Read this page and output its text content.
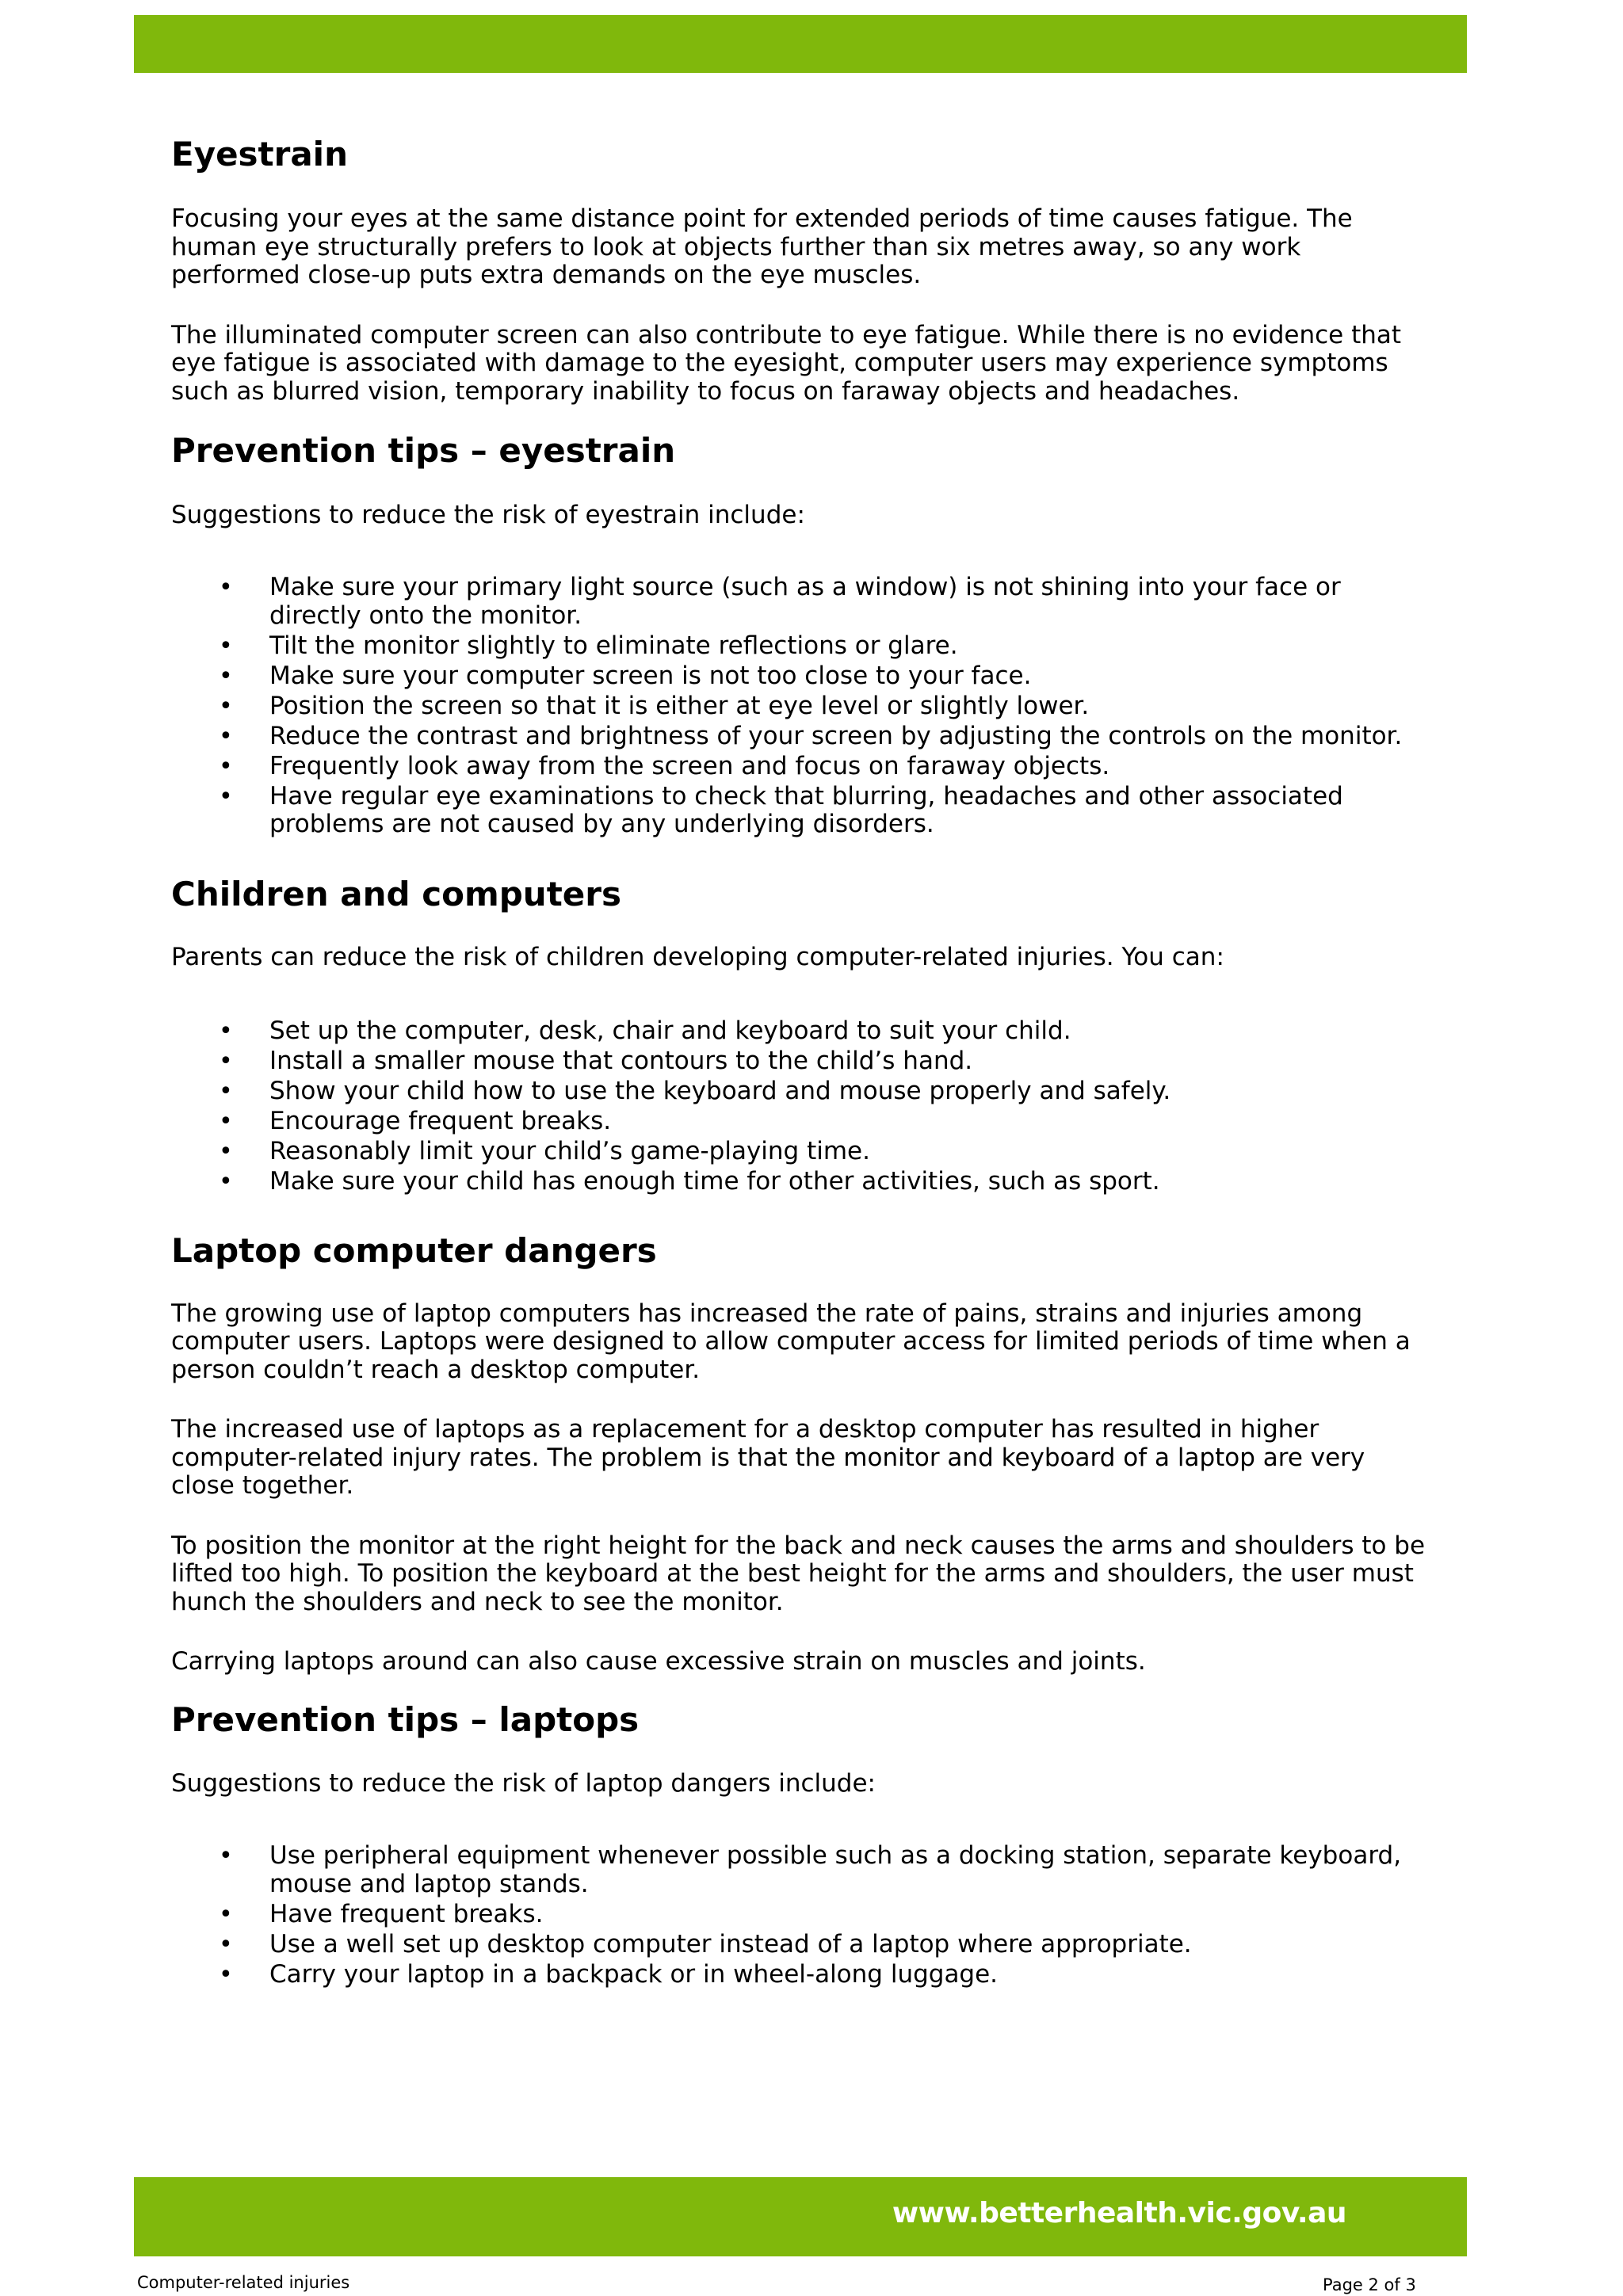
Eyestrain

Focusing your eyes at the same distance point for extended periods of time causes fatigue. The human eye structurally prefers to look at objects further than six metres away, so any work performed close-up puts extra demands on the eye muscles.

The illuminated computer screen can also contribute to eye fatigue. While there is no evidence that eye fatigue is associated with damage to the eyesight, computer users may experience symptoms such as blurred vision, temporary inability to focus on faraway objects and headaches.

Prevention tips – eyestrain

Suggestions to reduce the risk of eyestrain include:

• Make sure your primary light source (such as a window) is not shining into your face or directly onto the monitor.
• Tilt the monitor slightly to eliminate reflections or glare.
• Make sure your computer screen is not too close to your face.
• Position the screen so that it is either at eye level or slightly lower.
• Reduce the contrast and brightness of your screen by adjusting the controls on the monitor.
• Frequently look away from the screen and focus on faraway objects.
• Have regular eye examinations to check that blurring, headaches and other associated problems are not caused by any underlying disorders.
Children and computers

Parents can reduce the risk of children developing computer-related injuries. You can:

• Set up the computer, desk, chair and keyboard to suit your child.
• Install a smaller mouse that contours to the child’s hand.
• Show your child how to use the keyboard and mouse properly and safely.
• Encourage frequent breaks.
• Reasonably limit your child’s game-playing time.
• Make sure your child has enough time for other activities, such as sport.
Laptop computer dangers

The growing use of laptop computers has increased the rate of pains, strains and injuries among computer users. Laptops were designed to allow computer access for limited periods of time when a person couldn’t reach a desktop computer.

The increased use of laptops as a replacement for a desktop computer has resulted in higher computer-related injury rates. The problem is that the monitor and keyboard of a laptop are very close together.

To position the monitor at the right height for the back and neck causes the arms and shoulders to be lifted too high. To position the keyboard at the best height for the arms and shoulders, the user must hunch the shoulders and neck to see the monitor.

Carrying laptops around can also cause excessive strain on muscles and joints.

Prevention tips – laptops

Suggestions to reduce the risk of laptop dangers include:

• Use peripheral equipment whenever possible such as a docking station, separate keyboard, mouse and laptop stands.
• Have frequent breaks.
• Use a well set up desktop computer instead of a laptop where appropriate.
• Carry your laptop in a backpack or in wheel-along luggage.
www.betterhealth.vic.gov.au
Computer-related injuries	Page 2 of 3
